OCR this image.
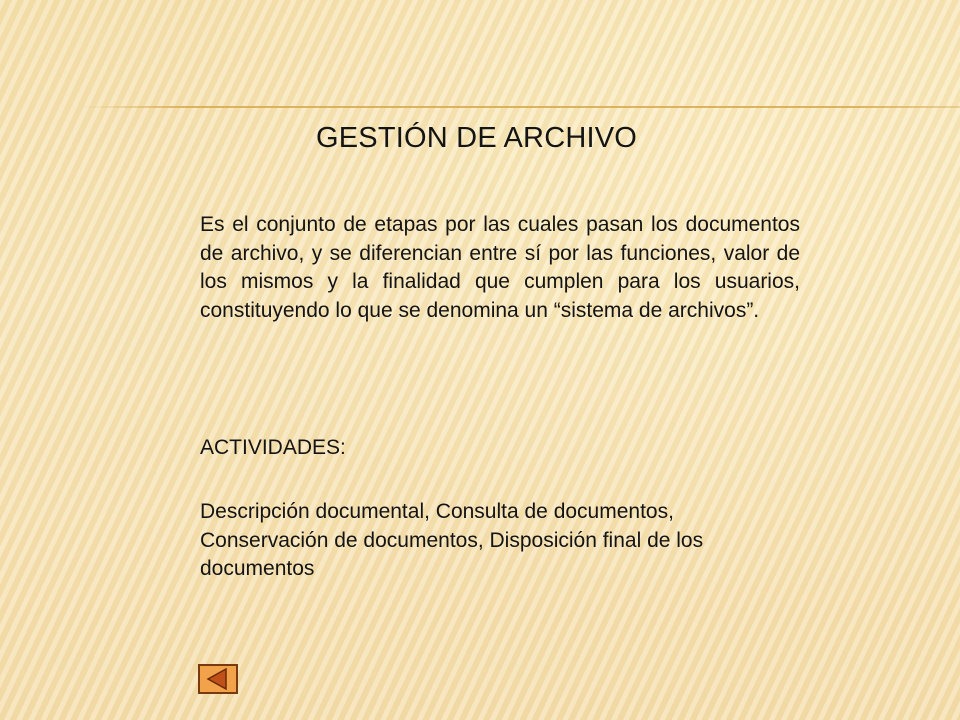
GESTIÓN DE ARCHIVO
Es el conjunto de etapas por las cuales pasan los documentos de archivo, y se diferencian entre sí por las funciones, valor de los mismos y la finalidad que cumplen para los usuarios, constituyendo lo que se denomina un “sistema de archivos”.
ACTIVIDADES:
Descripción documental, Consulta de documentos, Conservación de documentos, Disposición final de los documentos
